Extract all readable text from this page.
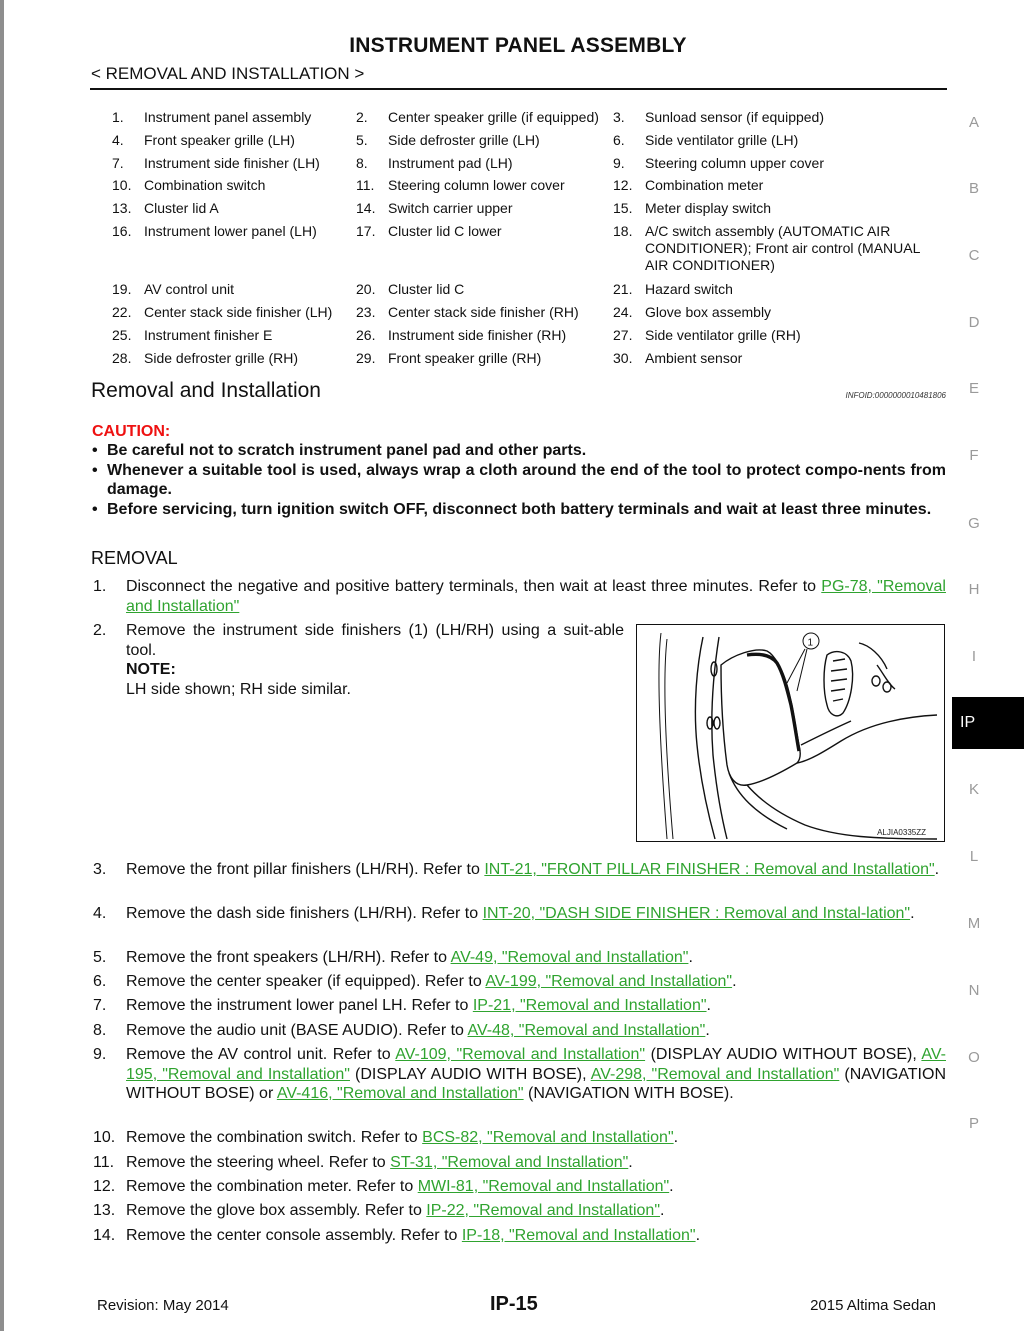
INSTRUMENT PANEL ASSEMBLY
< REMOVAL AND INSTALLATION >
1.	Instrument panel assembly	2.	Center speaker grille (if equipped) 3.	Sunload sensor (if equipped)
4.	Front speaker grille (LH)	5.	Side defroster grille (LH)	6.	Side ventilator grille (LH)
7.	Instrument side finisher (LH)	8.	Instrument pad (LH)	9.	Steering column upper cover
10. Combination switch	11. Steering column lower cover	12. Combination meter
13. Cluster lid A	14. Switch carrier upper	15. Meter display switch
16. Instrument lower panel (LH)	17. Cluster lid C lower	18. A/C switch assembly (AUTOMATIC AIR CONDITIONER); Front air control (MANUAL AIR CONDITIONER)
19. AV control unit	20. Cluster lid C	21. Hazard switch
22. Center stack side finisher (LH) 23. Center stack side finisher (RH) 24. Glove box assembly
25. Instrument finisher E	26. Instrument side finisher (RH)	27. Side ventilator grille (RH)
28. Side defroster grille (RH)	29. Front speaker grille (RH)	30. Ambient sensor
A
B
C
D
E
F
G
H
I
IP
K
L
M
N
O
P
Removal and Installation	INFOID:0000000010481806
CAUTION:
• Be careful not to scratch instrument panel pad and other parts.
• Whenever a suitable tool is used, always wrap a cloth around the end of the tool to protect compo-nents from damage.
• Before servicing, turn ignition switch OFF, disconnect both battery terminals and wait at least three minutes.
REMOVAL
1. Disconnect the negative and positive battery terminals, then wait at least three minutes. Refer to PG-78, "Removal and Installation"
2. Remove the instrument side finishers (1) (LH/RH) using a suit-able tool.
NOTE:
LH side shown; RH side similar.
1
ALJIA0335ZZ
3. Remove the front pillar finishers (LH/RH). Refer to INT-21, "FRONT PILLAR FINISHER : Removal and Installation".
4. Remove the dash side finishers (LH/RH). Refer to INT-20, "DASH SIDE FINISHER : Removal and Instal-lation".
5. Remove the front speakers (LH/RH). Refer to AV-49, "Removal and Installation".
6. Remove the center speaker (if equipped). Refer to AV-199, "Removal and Installation".
7. Remove the instrument lower panel LH. Refer to IP-21, "Removal and Installation".
8. Remove the audio unit (BASE AUDIO). Refer to AV-48, "Removal and Installation".
9. Remove the AV control unit. Refer to AV-109, "Removal and Installation" (DISPLAY AUDIO WITHOUT BOSE), AV-195, "Removal and Installation" (DISPLAY AUDIO WITH BOSE), AV-298, "Removal and Installation" (NAVIGATION WITHOUT BOSE) or AV-416, "Removal and Installation" (NAVIGATION WITH BOSE).
10. Remove the combination switch. Refer to BCS-82, "Removal and Installation".
11. Remove the steering wheel. Refer to ST-31, "Removal and Installation".
12. Remove the combination meter. Refer to MWI-81, "Removal and Installation".
13. Remove the glove box assembly. Refer to IP-22, "Removal and Installation".
14. Remove the center console assembly. Refer to IP-18, "Removal and Installation".
Revision: May 2014	IP-15	2015 Altima Sedan
